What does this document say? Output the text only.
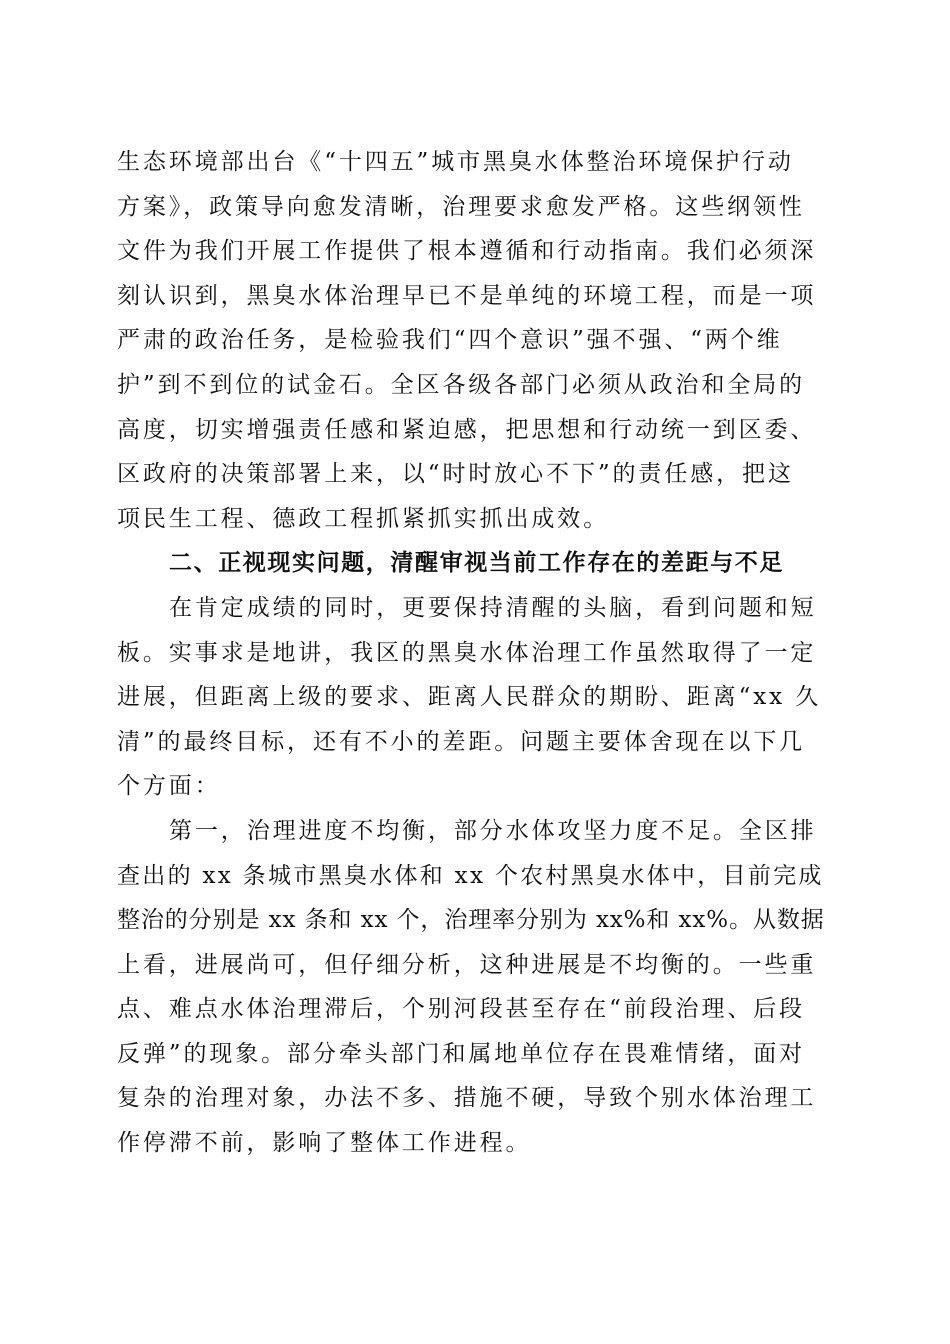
生态环境部出台《“十四五”城市黑臭水体整治环境保护行动
方案》，政策导向愈发清晰，治理要求愈发严格。这些纲领性
文件为我们开展工作提供了根本遵循和行动指南。我们必须深
刻认识到，黑臭水体治理早已不是单纯的环境工程，而是一项
严肃的政治任务，是检验我们“四个意识”强不强、“两个维
护”到不到位的试金石。全区各级各部门必须从政治和全局的
高度，切实增强责任感和紧迫感，把思想和行动统一到区委、
区政府的决策部署上来，以“时时放心不下”的责任感，把这
项民生工程、德政工程抓紧抓实抓出成效。
二、正视现实问题，清醒审视当前工作存在的差距与不足
在肯定成绩的同时，更要保持清醒的头脑，看到问题和短
板。实事求是地讲，我区的黑臭水体治理工作虽然取得了一定
进展，但距离上级的要求、距离人民群众的期盼、距离“xx 久
清”的最终目标，还有不小的差距。问题主要体舍现在以下几
个方面：
第一，治理进度不均衡，部分水体攻坚力度不足。全区排
查出的 xx 条城市黑臭水体和 xx 个农村黑臭水体中，目前完成
整治的分别是 xx 条和 xx 个，治理率分别为 xx%和 xx%。从数据
上看，进展尚可，但仔细分析，这种进展是不均衡的。一些重
点、难点水体治理滞后，个别河段甚至存在“前段治理、后段
反弹”的现象。部分牵头部门和属地单位存在畏难情绪，面对
复杂的治理对象，办法不多、措施不硬，导致个别水体治理工
作停滞不前，影响了整体工作进程。
